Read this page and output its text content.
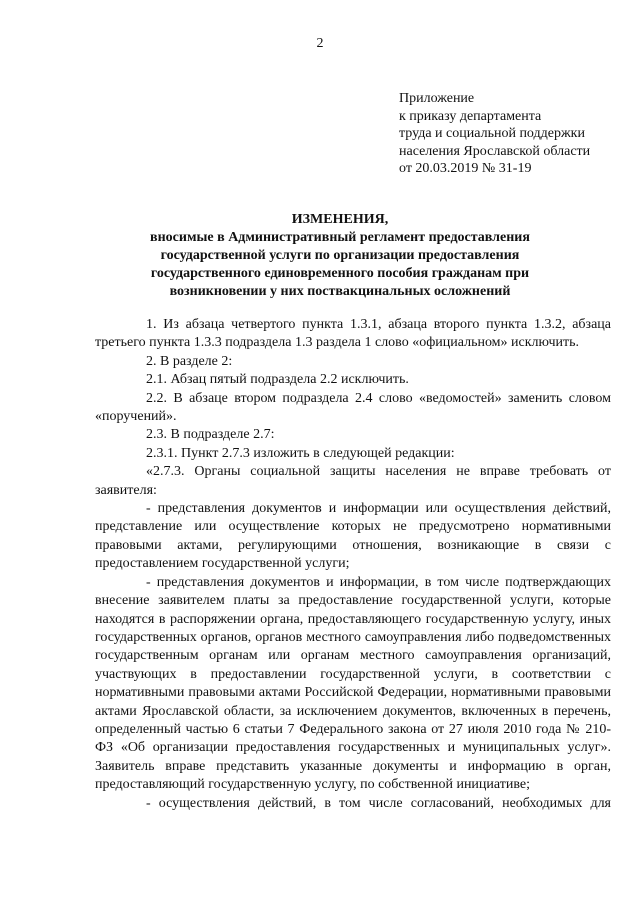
2
Приложение
к приказу департамента
труда и социальной поддержки
населения Ярославской области
от 20.03.2019 № 31-19
ИЗМЕНЕНИЯ,
вносимые в Административный регламент предоставления
государственной услуги по организации предоставления
государственного единовременного пособия гражданам при
возникновении у них поствакцинальных осложнений

1. Из абзаца четвертого пункта 1.3.1, абзаца второго пункта 1.3.2, абзаца третьего пункта 1.3.3 подраздела 1.3 раздела 1 слово «официальном» исключить.

2. В разделе 2:

2.1. Абзац пятый подраздела 2.2 исключить.

2.2. В абзаце втором подраздела 2.4 слово «ведомостей» заменить словом «поручений».

2.3. В подразделе 2.7:

2.3.1. Пункт 2.7.3 изложить в следующей редакции:

«2.7.3. Органы социальной защиты населения не вправе требовать от заявителя:

- представления документов и информации или осуществления действий, представление или осуществление которых не предусмотрено нормативными правовыми актами, регулирующими отношения, возникающие в связи с предоставлением государственной услуги;

- представления документов и информации, в том числе подтверждающих внесение заявителем платы за предоставление государственной услуги, которые находятся в распоряжении органа, предоставляющего государственную услугу, иных государственных органов, органов местного самоуправления либо подведомственных государственным органам или органам местного самоуправления организаций, участвующих в предоставлении государственной услуги, в соответствии с нормативными правовыми актами Российской Федерации, нормативными правовыми актами Ярославской области, за исключением документов, включенных в перечень, определенный частью 6 статьи 7 Федерального закона от 27 июля 2010 года № 210-ФЗ «Об организации предоставления государственных и муниципальных услуг». Заявитель вправе представить указанные документы и информацию в орган, предоставляющий государственную услугу, по собственной инициативе;

- осуществления действий, в том числе согласований, необходимых для
